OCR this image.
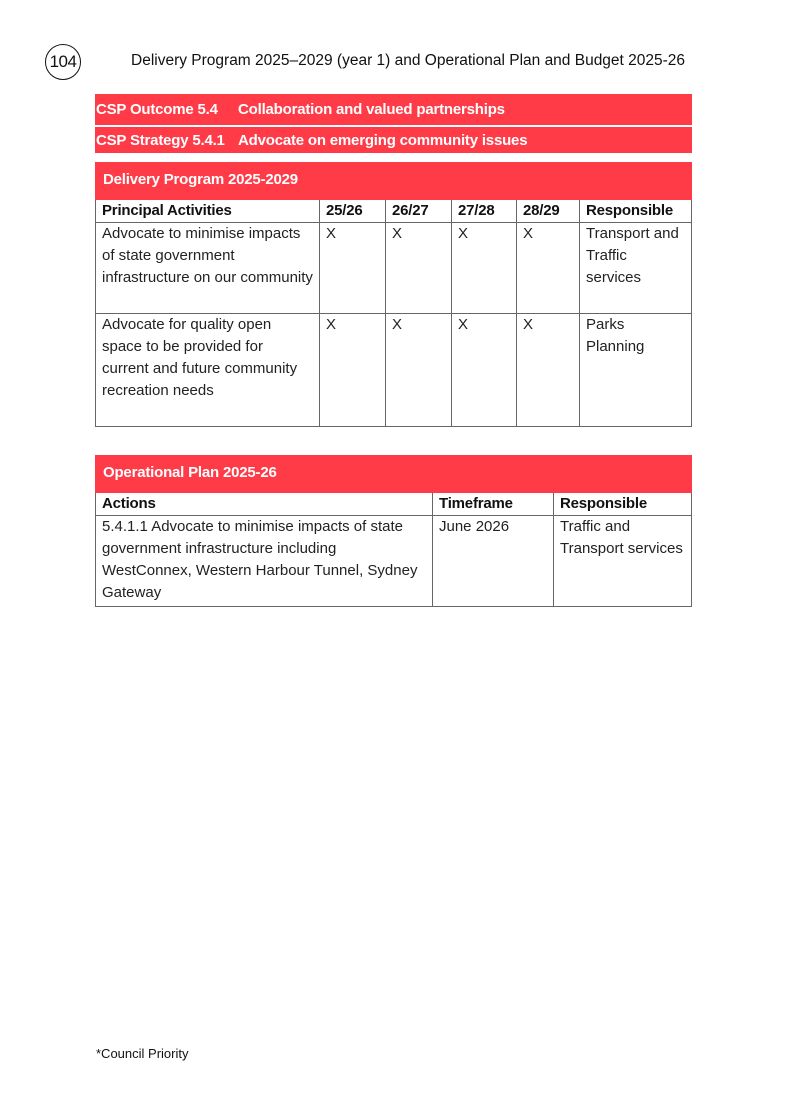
104	Delivery Program 2025–2029 (year 1) and Operational Plan and Budget 2025-26
CSP Outcome 5.4	Collaboration and valued partnerships
CSP Strategy 5.4.1 Advocate on emerging community issues
Delivery Program 2025-2029					
Principal Activities	25/26	26/27	27/28	28/29	Responsible
Advocate to minimise impacts of state government infrastructure on our community	X	X	X	X	Transport and Traffic services
Advocate for quality open space to be provided for current and future community recreation needs	X	X	X	X	Parks Planning
Operational Plan 2025-26		
Actions	Timeframe	Responsible
5.4.1.1 Advocate to minimise impacts of state government infrastructure including WestConnex, Western Harbour Tunnel, Sydney Gateway	June 2026	Traffic and Transport services
*Council Priority
